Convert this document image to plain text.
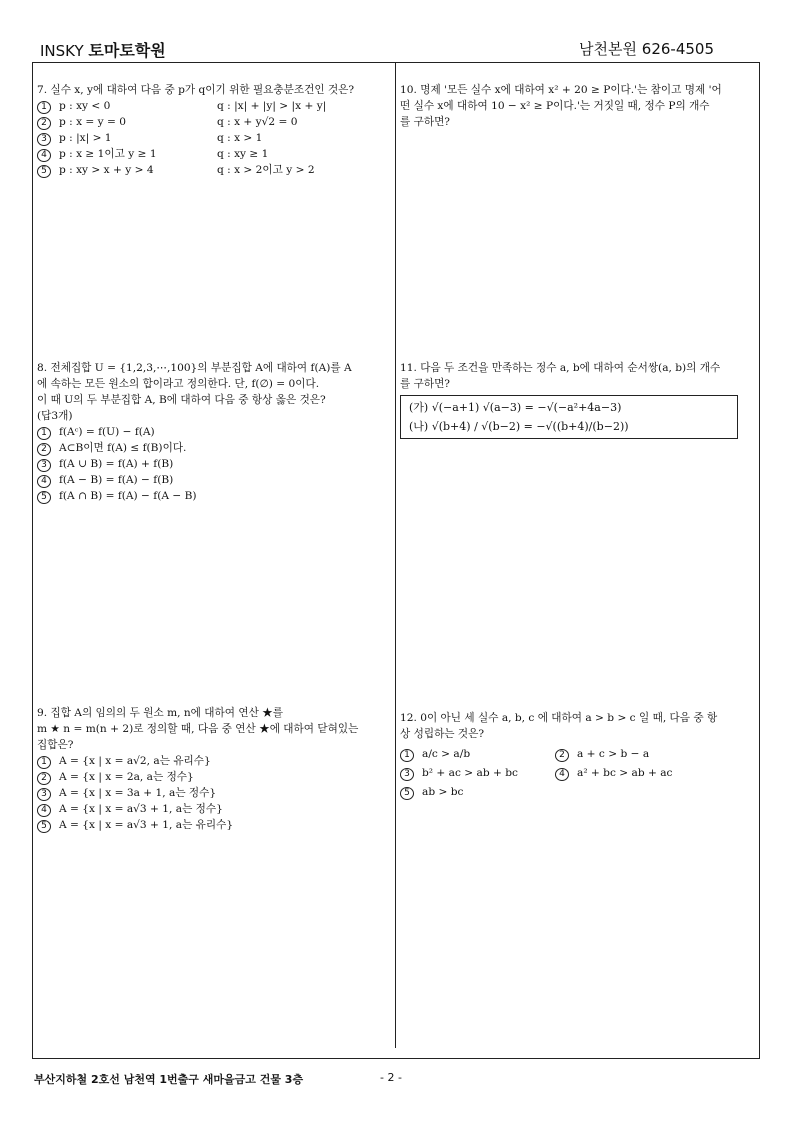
INSKY 토마토학원	남천본원 626-4505

7. 실수 x, y에 대하여 다음 중 p가 q이기 위한 필요충분조건인 것은?

1 p : xy < 0	q : |x| + |y| > |x + y|
2 p : x = y = 0	q : x + y√2 = 0
3 p : |x| > 1	q : x > 1
4 p : x ≥ 1이고 y ≥ 1	q : xy ≥ 1
5 p : xy > x + y > 4	q : x > 2이고 y > 2

8. 전체집합 U = {1,2,3,⋯,100}의 부분집합 A에 대하여 f(A)를 A

에 속하는 모든 원소의 합이라고 정의한다. 단, f(∅) = 0이다.

이 때 U의 두 부분집합 A, B에 대하여 다음 중 항상 옳은 것은?

(답3개)

1 f(Aᶜ) = f(U) − f(A)
2 A⊂B이면 f(A) ≤ f(B)이다.
3 f(A ∪ B) = f(A) + f(B)
4 f(A − B) = f(A) − f(B)
5 f(A ∩ B) = f(A) − f(A − B)

9. 집합 A의 임의의 두 원소 m, n에 대하여 연산 ★를

m ★ n = m(n + 2)로 정의할 때, 다음 중 연산 ★에 대하여 닫혀있는

집합은?

1 A = {x | x = a√2, a는 유리수}
2 A = {x | x = 2a, a는 정수}
3 A = {x | x = 3a + 1, a는 정수}
4 A = {x | x = a√3 + 1, a는 정수}
5 A = {x | x = a√3 + 1, a는 유리수}

10. 명제 '모든 실수 x에 대하여 x² + 20 ≥ P이다.'는 참이고 명제 '어

떤 실수 x에 대하여 10 − x² ≥ P이다.'는 거짓일 때, 정수 P의 개수

를 구하면?

11. 다음 두 조건을 만족하는 정수 a, b에 대하여 순서쌍(a, b)의 개수

를 구하면?

(가) √(−a+1) √(a−3) = −√(−a²+4a−3)
(나) √(b+4) / √(b−2) = −√((b+4)/(b−2))

12. 0이 아닌 세 실수 a, b, c 에 대하여 a > b > c 일 때, 다음 중 항

상 성립하는 것은?

1 a/c > a/b	2 a + c > b − a
3 b² + ac > ab + bc	4 a² + bc > ab + ac
5 ab > bc
부산지하철 2호선 남천역 1번출구 새마을금고 건물 3층	- 2 -
